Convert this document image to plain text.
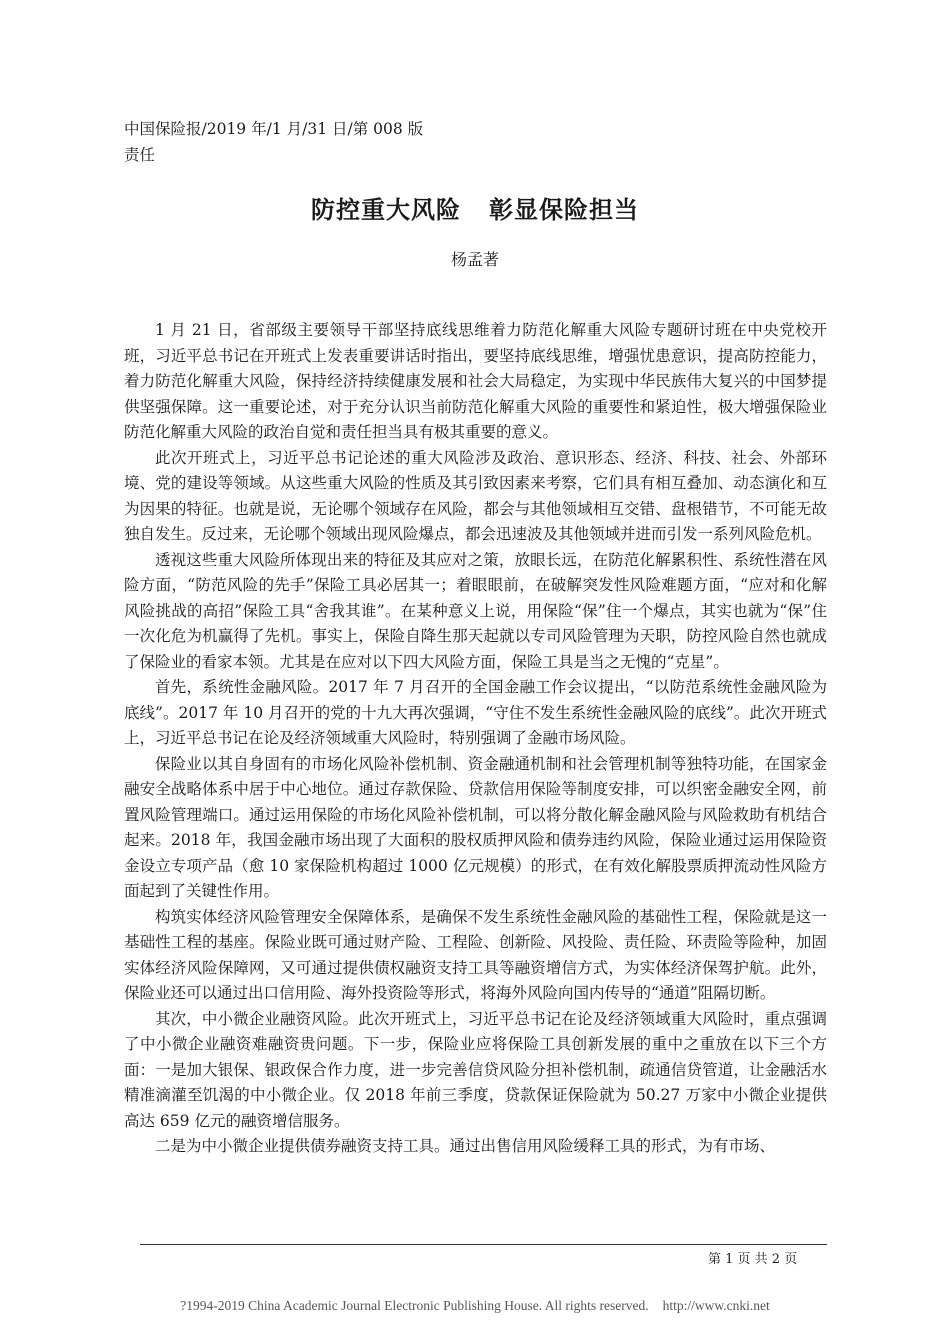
中国保险报/2019 年/1 月/31 日/第 008 版
责任
防控重大风险 彰显保险担当
杨孟著

1 月 21 日，省部级主要领导干部坚持底线思维着力防范化解重大风险专题研讨班在中央党校开班，习近平总书记在开班式上发表重要讲话时指出，要坚持底线思维，增强忧患意识，提高防控能力，着力防范化解重大风险，保持经济持续健康发展和社会大局稳定，为实现中华民族伟大复兴的中国梦提供坚强保障。这一重要论述，对于充分认识当前防范化解重大风险的重要性和紧迫性，极大增强保险业防范化解重大风险的政治自觉和责任担当具有极其重要的意义。

此次开班式上，习近平总书记论述的重大风险涉及政治、意识形态、经济、科技、社会、外部环境、党的建设等领域。从这些重大风险的性质及其引致因素来考察，它们具有相互叠加、动态演化和互为因果的特征。也就是说，无论哪个领域存在风险，都会与其他领域相互交错、盘根错节，不可能无故独自发生。反过来，无论哪个领域出现风险爆点，都会迅速波及其他领域并进而引发一系列风险危机。

透视这些重大风险所体现出来的特征及其应对之策，放眼长远，在防范化解累积性、系统性潜在风险方面，“防范风险的先手”保险工具必居其一；着眼眼前，在破解突发性风险难题方面，“应对和化解风险挑战的高招”保险工具“舍我其谁”。在某种意义上说，用保险“保”住一个爆点，其实也就为“保”住一次化危为机赢得了先机。事实上，保险自降生那天起就以专司风险管理为天职，防控风险自然也就成了保险业的看家本领。尤其是在应对以下四大风险方面，保险工具是当之无愧的“克星”。

首先，系统性金融风险。2017 年 7 月召开的全国金融工作会议提出，“以防范系统性金融风险为底线”。2017 年 10 月召开的党的十九大再次强调，“守住不发生系统性金融风险的底线”。此次开班式上，习近平总书记在论及经济领域重大风险时，特别强调了金融市场风险。

保险业以其自身固有的市场化风险补偿机制、资金融通机制和社会管理机制等独特功能，在国家金融安全战略体系中居于中心地位。通过存款保险、贷款信用保险等制度安排，可以织密金融安全网，前置风险管理端口。通过运用保险的市场化风险补偿机制，可以将分散化解金融风险与风险救助有机结合起来。2018 年，我国金融市场出现了大面积的股权质押风险和债券违约风险，保险业通过运用保险资金设立专项产品（愈 10 家保险机构超过 1000 亿元规模）的形式，在有效化解股票质押流动性风险方面起到了关键性作用。

构筑实体经济风险管理安全保障体系，是确保不发生系统性金融风险的基础性工程，保险就是这一基础性工程的基座。保险业既可通过财产险、工程险、创新险、风投险、责任险、环责险等险种，加固实体经济风险保障网，又可通过提供债权融资支持工具等融资增信方式，为实体经济保驾护航。此外，保险业还可以通过出口信用险、海外投资险等形式，将海外风险向国内传导的“通道”阻隔切断。

其次，中小微企业融资风险。此次开班式上，习近平总书记在论及经济领域重大风险时，重点强调了中小微企业融资难融资贵问题。下一步，保险业应将保险工具创新发展的重中之重放在以下三个方面：一是加大银保、银政保合作力度，进一步完善信贷风险分担补偿机制，疏通信贷管道，让金融活水精准滴灌至饥渴的中小微企业。仅 2018 年前三季度，贷款保证保险就为 50.27 万家中小微企业提供高达 659 亿元的融资增信服务。

二是为中小微企业提供债券融资支持工具。通过出售信用风险缓释工具的形式，为有市场、

第 1 页 共 2 页
?1994-2019 China Academic Journal Electronic Publishing House. All rights reserved. http://www.cnki.net
